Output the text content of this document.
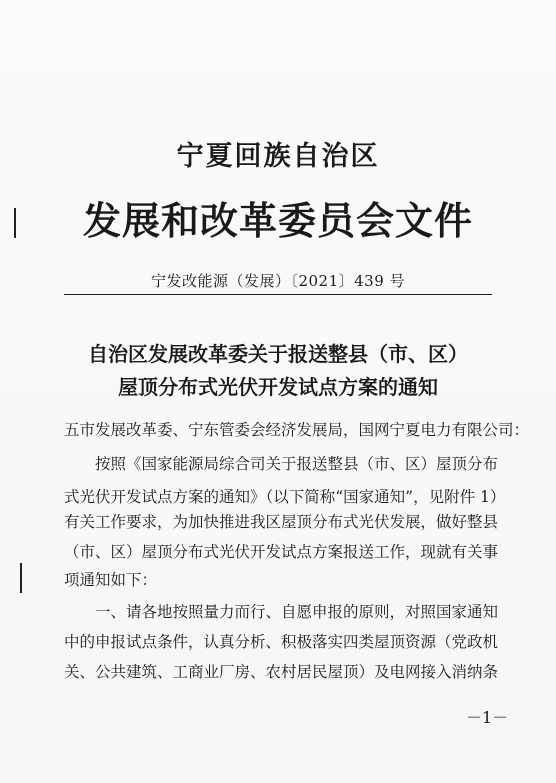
宁夏回族自治区
发展和改革委员会文件
宁发改能源（发展）〔2021〕439 号
自治区发展改革委关于报送整县（市、区）
屋顶分布式光伏开发试点方案的通知
五市发展改革委、宁东管委会经济发展局，国网宁夏电力有限公司：
　　按照《国家能源局综合司关于报送整县（市、区）屋顶分布
式光伏开发试点方案的通知》（以下简称“国家通知”，见附件 1）
有关工作要求，为加快推进我区屋顶分布式光伏发展，做好整县
（市、区）屋顶分布式光伏开发试点方案报送工作，现就有关事
项通知如下：
　　一、请各地按照量力而行、自愿申报的原则，对照国家通知
中的申报试点条件，认真分析、积极落实四类屋顶资源（党政机
关、公共建筑、工商业厂房、农村居民屋顶）及电网接入消纳条
－1－
